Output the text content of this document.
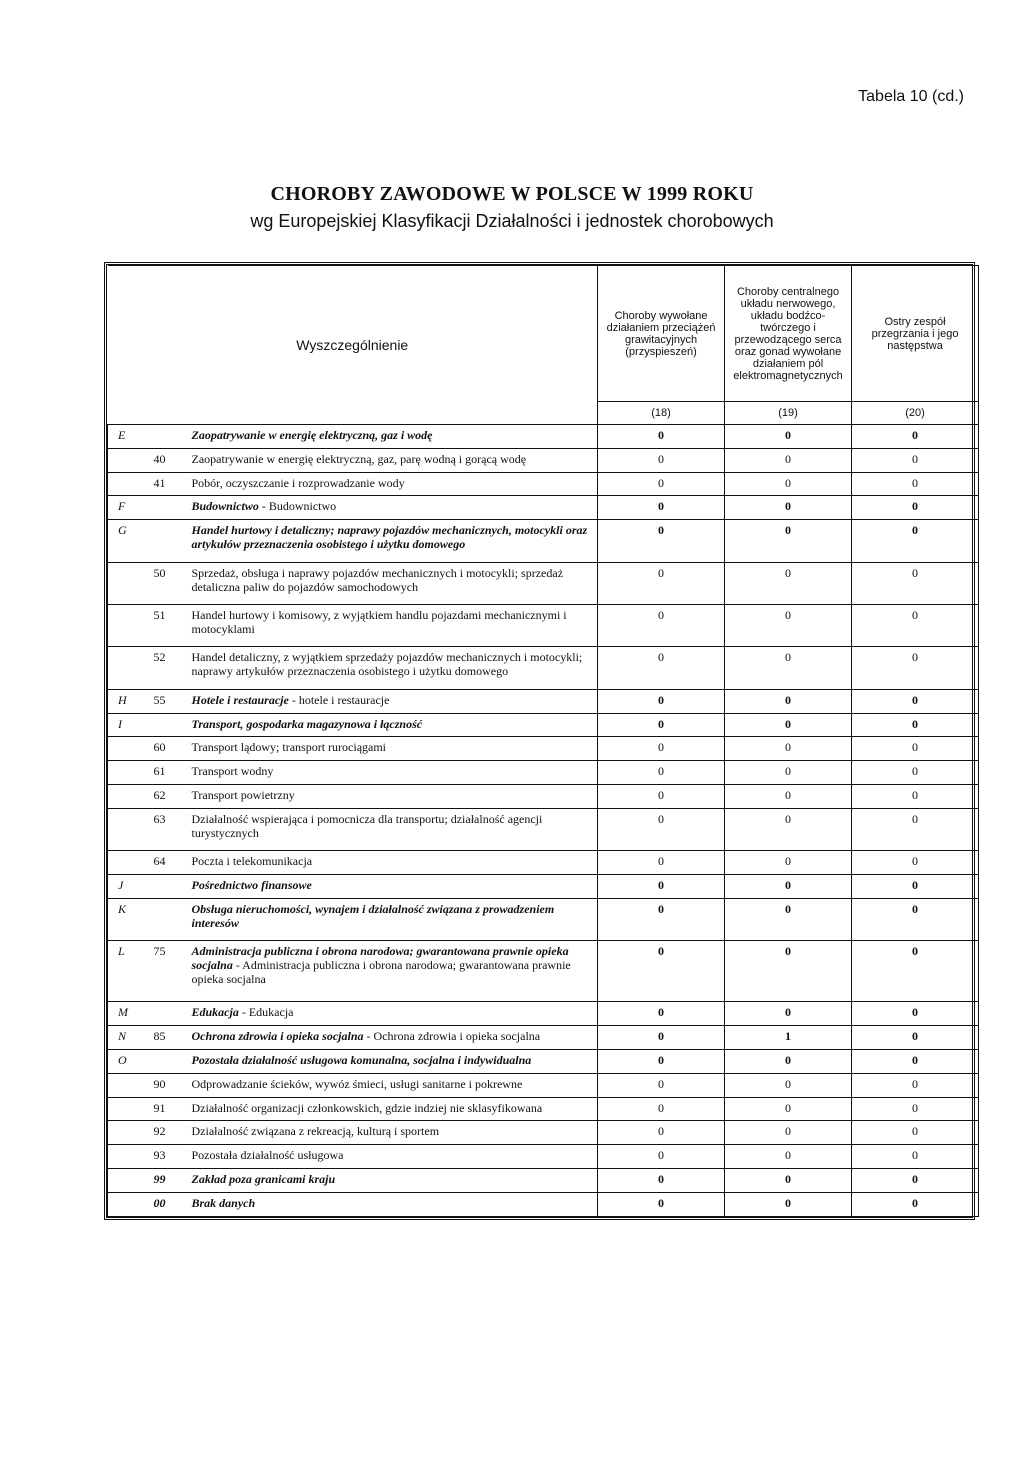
Tabela 10 (cd.)
CHOROBY ZAWODOWE W POLSCE W 1999 ROKU
wg Europejskiej Klasyfikacji Działalności i jednostek chorobowych
Wyszczególnienie			Choroby wywołane działaniem przeciążeń grawitacyjnych (przyspieszeń)	Choroby centralnego układu nerwowego, układu bodźco-twórczego i przewodzącego serca oraz gonad wywołane działaniem pól elektromagnetycznych	Ostry zespół przegrzania i jego następstwa
			(18)	(19)	(20)
E		Zaopatrywanie w energię elektryczną, gaz i wodę	0	0	0
	40	Zaopatrywanie w energię elektryczną, gaz, parę wodną i gorącą wodę	0	0	0
	41	Pobór, oczyszczanie i rozprowadzanie wody	0	0	0
F		Budownictwo - Budownictwo	0	0	0
G		Handel hurtowy i detaliczny; naprawy pojazdów mechanicznych, motocykli oraz artykułów przeznaczenia osobistego i użytku domowego	0	0	0
	50	Sprzedaż, obsługa i naprawy pojazdów mechanicznych i motocykli; sprzedaż detaliczna paliw do pojazdów samochodowych	0	0	0
	51	Handel hurtowy i komisowy, z wyjątkiem handlu pojazdami mechanicznymi i motocyklami	0	0	0
	52	Handel detaliczny, z wyjątkiem sprzedaży pojazdów mechanicznych i motocykli; naprawy artykułów przeznaczenia osobistego i użytku domowego	0	0	0
H	55	Hotele i restauracje - hotele i restauracje	0	0	0
I		Transport, gospodarka magazynowa i łączność	0	0	0
	60	Transport lądowy; transport rurociągami	0	0	0
	61	Transport wodny	0	0	0
	62	Transport powietrzny	0	0	0
	63	Działalność wspierająca i pomocnicza dla transportu; działalność agencji turystycznych	0	0	0
	64	Poczta i telekomunikacja	0	0	0
J		Pośrednictwo finansowe	0	0	0
K		Obsługa nieruchomości, wynajem i działalność związana z prowadzeniem interesów	0	0	0
L	75	Administracja publiczna i obrona narodowa; gwarantowana prawnie opieka socjalna - Administracja publiczna i obrona narodowa; gwarantowana prawnie opieka socjalna	0	0	0
M		Edukacja - Edukacja	0	0	0
N	85	Ochrona zdrowia i opieka socjalna - Ochrona zdrowia i opieka socjalna	0	1	0
O		Pozostała działalność usługowa komunalna, socjalna i indywidualna	0	0	0
	90	Odprowadzanie ścieków, wywóz śmieci, usługi sanitarne i pokrewne	0	0	0
	91	Działalność organizacji członkowskich, gdzie indziej nie sklasyfikowana	0	0	0
	92	Działalność związana z rekreacją, kulturą i sportem	0	0	0
	93	Pozostała działalność usługowa	0	0	0
	99	Zakład poza granicami kraju	0	0	0
	00	Brak danych	0	0	0
